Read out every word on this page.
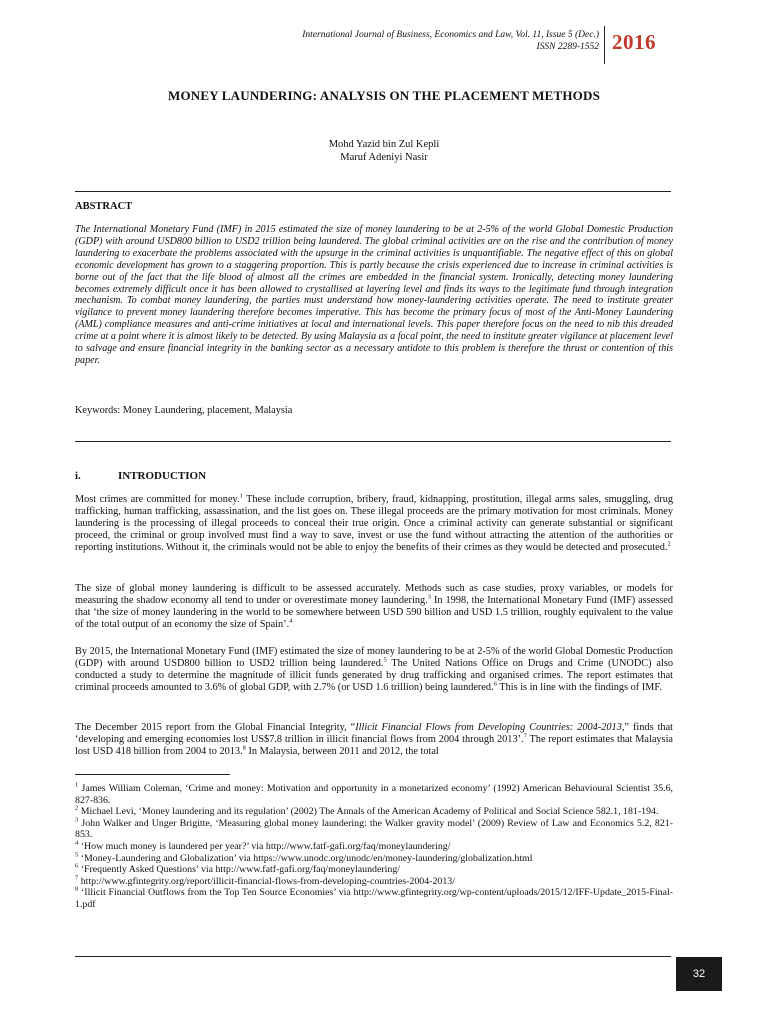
International Journal of Business, Economics and Law, Vol. 11, Issue 5 (Dec.)
ISSN 2289-1552 2016
MONEY LAUNDERING: ANALYSIS ON THE PLACEMENT METHODS
Mohd Yazid bin Zul Kepli
Maruf Adeniyi Nasir
ABSTRACT

The International Monetary Fund (IMF) in 2015 estimated the size of money laundering to be at 2-5% of the world Global Domestic Production (GDP) with around USD800 billion to USD2 trillion being laundered. The global criminal activities are on the rise and the contribution of money laundering to exacerbate the problems associated with the upsurge in the criminal activities is unquantifiable. The negative effect of this on global economic development has grown to a staggering proportion. This is partly because the crisis experienced due to increase in criminal activities is borne out of the fact that the life blood of almost all the crimes are embedded in the financial system. Ironically, detecting money laundering becomes extremely difficult once it has been allowed to crystallised at layering level and finds its ways to the legitimate fund through integration mechanism. To combat money laundering, the parties must understand how money-laundering activities operate. The need to institute greater vigilance to prevent money laundering therefore becomes imperative. This has become the primary focus of most of the Anti-Money Laundering (AML) compliance measures and anti-crime initiatives at local and international levels. This paper therefore focus on the need to nib this dreaded crime at a point where it is almost likely to be detected. By using Malaysia as a focal point, the need to institute greater vigilance at placement level to salvage and ensure financial integrity in the banking sector as a necessary antidote to this problem is therefore the thrust or contention of this paper.

Keywords: Money Laundering, placement, Malaysia

i.	INTRODUCTION

Most crimes are committed for money.$^1$ These include corruption, bribery, fraud, kidnapping, prostitution, illegal arms sales, smuggling, drug trafficking, human trafficking, assassination, and the list goes on. These illegal proceeds are the primary motivation for most criminals. Money laundering is the processing of illegal proceeds to conceal their true origin. Once a criminal activity can generate substantial or significant proceed, the criminal or group involved must find a way to save, invest or use the fund without attracting the attention of the authorities or reporting institutions. Without it, the criminals would not be able to enjoy the benefits of their crimes as they would be detected and prosecuted.$^2$

The size of global money laundering is difficult to be assessed accurately. Methods such as case studies, proxy variables, or models for measuring the shadow economy all tend to under or overestimate money laundering.$^3$ In 1998, the International Monetary Fund (IMF) assessed that ‘the size of money laundering in the world to be somewhere between USD 590 billion and USD 1.5 trillion, roughly equivalent to the value of the total output of an economy the size of Spain’.$^4$

By 2015, the International Monetary Fund (IMF) estimated the size of money laundering to be at 2-5% of the world Global Domestic Production (GDP) with around USD800 billion to USD2 trillion being laundered.$^5$ The United Nations Office on Drugs and Crime (UNODC) also conducted a study to determine the magnitude of illicit funds generated by drug trafficking and organised crimes. The report estimates that criminal proceeds amounted to 3.6% of global GDP, with 2.7% (or USD 1.6 trillion) being laundered.$^6$ This is in line with the findings of IMF.

The December 2015 report from the Global Financial Integrity, “Illicit Financial Flows from Developing Countries: 2004-2013,” finds that ‘developing and emerging economies lost US$7.8 trillion in illicit financial flows from 2004 through 2013’.$^7$ The report estimates that Malaysia lost USD 418 billion from 2004 to 2013.$^8$ In Malaysia, between 2011 and 2012, the total

$^1$ James William Coleman, ‘Crime and money: Motivation and opportunity in a monetarized economy’ (1992) American Behavioural Scientist 35.6, 827-836.
$^2$ Michael Levi, ‘Money laundering and its regulation’ (2002) The Annals of the American Academy of Political and Social Science 582.1, 181-194.
$^3$ John Walker and Unger Brigitte, ‘Measuring global money laundering: the Walker gravity model’ (2009) Review of Law and Economics 5.2, 821-853.
$^4$ ‘How much money is laundered per year?’ via http://www.fatf-gafi.org/faq/moneylaundering/
$^5$ ‘Money-Laundering and Globalization’ via https://www.unodc.org/unodc/en/money-laundering/globalization.html
$^6$ ‘Frequently Asked Questions’ via http://www.fatf-gafi.org/faq/moneylaundering/
$^7$ http://www.gfintegrity.org/report/illicit-financial-flows-from-developing-countries-2004-2013/
$^8$ ‘Illicit Financial Outflows from the Top Ten Source Economies’ via http://www.gfintegrity.org/wp-content/uploads/2015/12/IFF-Update_2015-Final-1.pdf
32
